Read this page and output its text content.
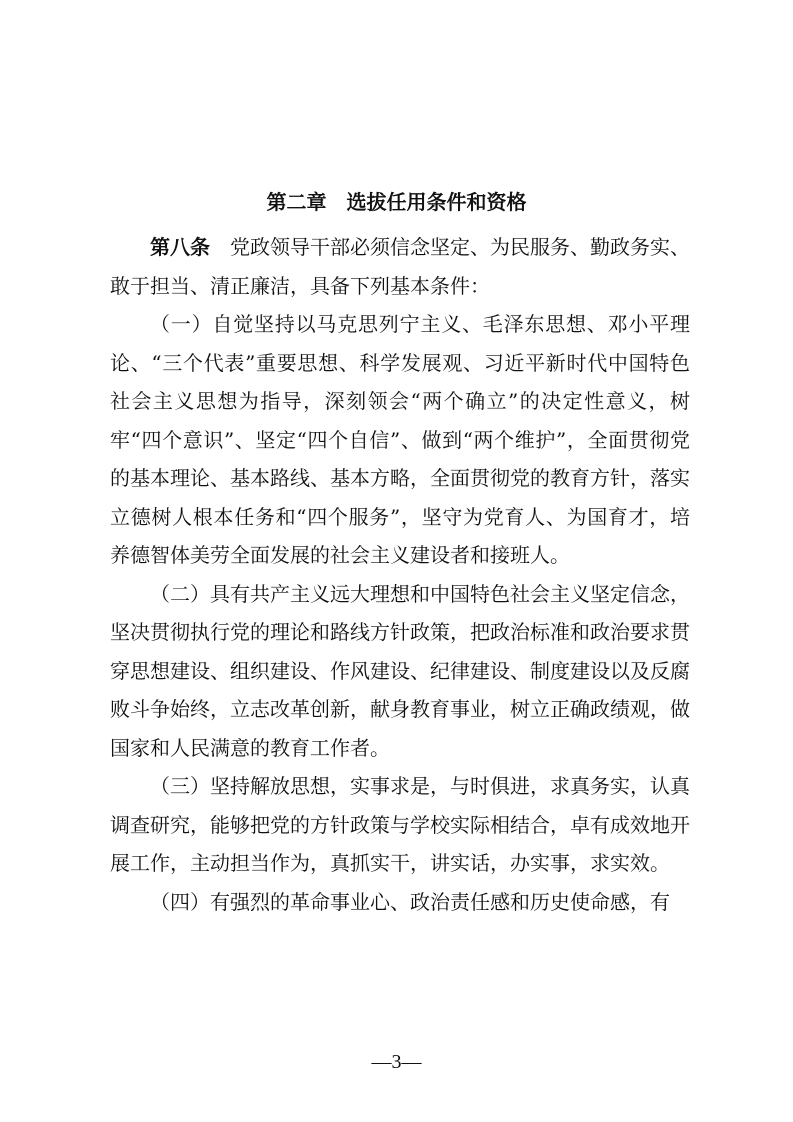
第二章　选拔任用条件和资格

第八条 党政领导干部必须信念坚定、为民服务、勤政务实、敢于担当、清正廉洁，具备下列基本条件：

（一）自觉坚持以马克思列宁主义、毛泽东思想、邓小平理论、“三个代表”重要思想、科学发展观、习近平新时代中国特色社会主义思想为指导，深刻领会“两个确立”的决定性意义，树牢“四个意识”、坚定“四个自信”、做到“两个维护”，全面贯彻党的基本理论、基本路线、基本方略，全面贯彻党的教育方针，落实立德树人根本任务和“四个服务”，坚守为党育人、为国育才，培养德智体美劳全面发展的社会主义建设者和接班人。

（二）具有共产主义远大理想和中国特色社会主义坚定信念，坚决贯彻执行党的理论和路线方针政策，把政治标准和政治要求贯穿思想建设、组织建设、作风建设、纪律建设、制度建设以及反腐败斗争始终，立志改革创新，献身教育事业，树立正确政绩观，做国家和人民满意的教育工作者。

（三）坚持解放思想，实事求是，与时俱进，求真务实，认真调查研究，能够把党的方针政策与学校实际相结合，卓有成效地开展工作，主动担当作为，真抓实干，讲实话，办实事，求实效。

（四）有强烈的革命事业心、政治责任感和历史使命感，有

—3—
